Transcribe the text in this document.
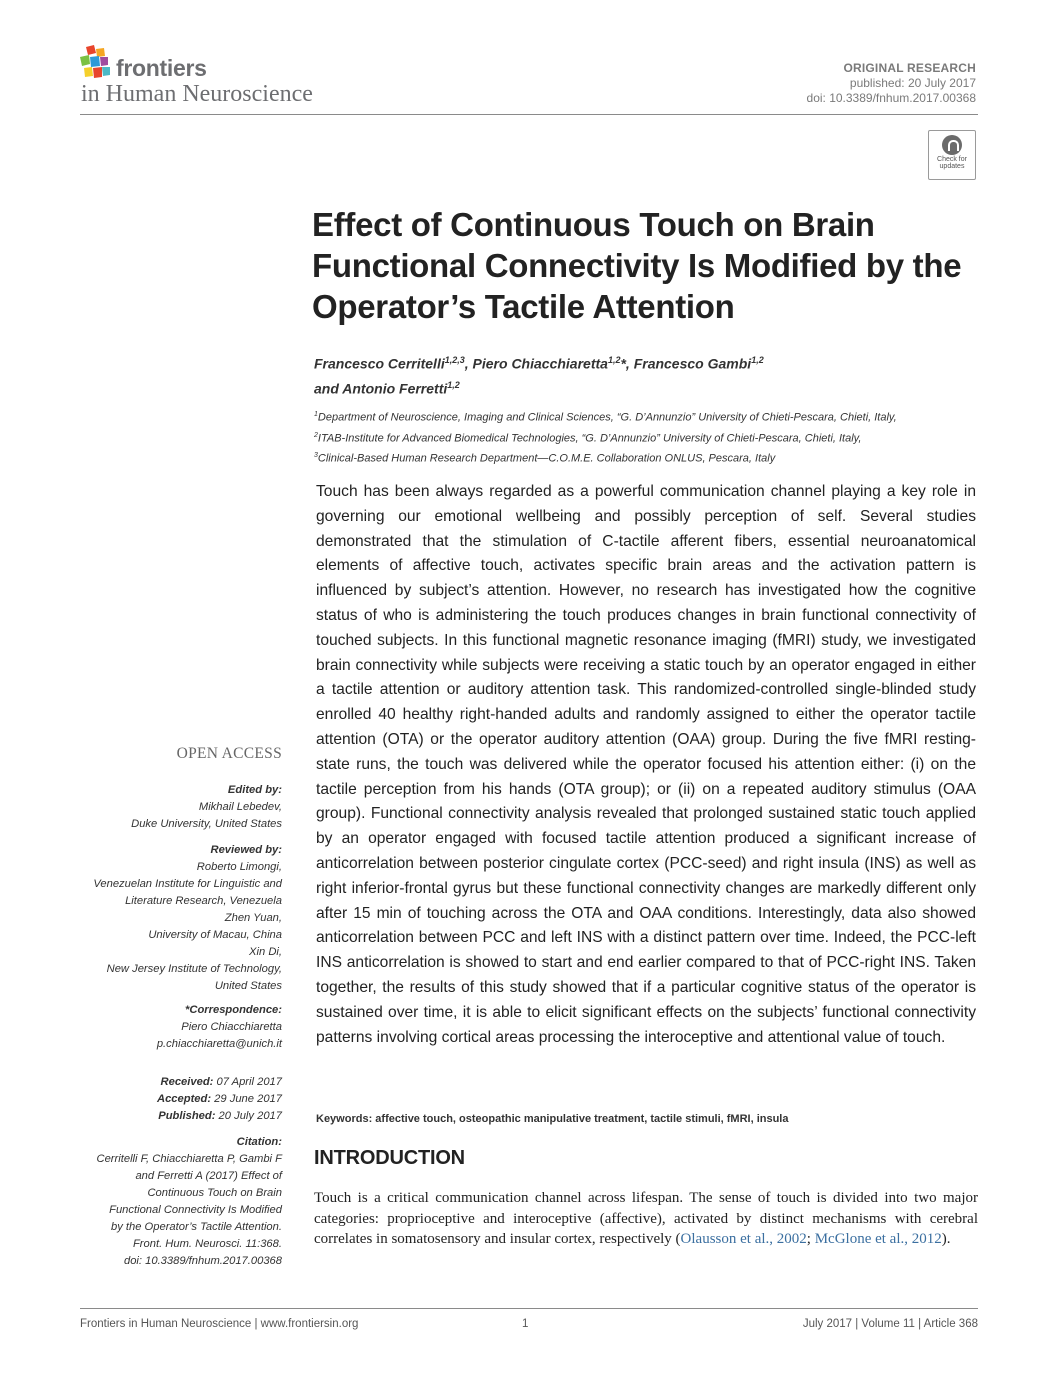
frontiers
in Human Neuroscience
ORIGINAL RESEARCH
published: 20 July 2017
doi: 10.3389/fnhum.2017.00368
Check for
updates
Effect of Continuous Touch on Brain Functional Connectivity Is Modified by the Operator’s Tactile Attention
Francesco Cerritelli$^{1,2,3}$, Piero Chiacchiaretta$^{1,2}$*, Francesco Gambi$^{1,2}$
and Antonio Ferretti$^{1,2}$
$^1$Department of Neuroscience, Imaging and Clinical Sciences, “G. D’Annunzio” University of Chieti-Pescara, Chieti, Italy,
$^2$ITAB-Institute for Advanced Biomedical Technologies, “G. D’Annunzio” University of Chieti-Pescara, Chieti, Italy,
$^3$Clinical-Based Human Research Department—C.O.M.E. Collaboration ONLUS, Pescara, Italy
Touch has been always regarded as a powerful communication channel playing a key role in governing our emotional wellbeing and possibly perception of self. Several studies demonstrated that the stimulation of C-tactile afferent fibers, essential neuroanatomical elements of affective touch, activates specific brain areas and the activation pattern is influenced by subject’s attention. However, no research has investigated how the cognitive status of who is administering the touch produces changes in brain functional connectivity of touched subjects. In this functional magnetic resonance imaging (fMRI) study, we investigated brain connectivity while subjects were receiving a static touch by an operator engaged in either a tactile attention or auditory attention task. This randomized-controlled single-blinded study enrolled 40 healthy right-handed adults and randomly assigned to either the operator tactile attention (OTA) or the operator auditory attention (OAA) group. During the five fMRI resting-state runs, the touch was delivered while the operator focused his attention either: (i) on the tactile perception from his hands (OTA group); or (ii) on a repeated auditory stimulus (OAA group). Functional connectivity analysis revealed that prolonged sustained static touch applied by an operator engaged with focused tactile attention produced a significant increase of anticorrelation between posterior cingulate cortex (PCC-seed) and right insula (INS) as well as right inferior-frontal gyrus but these functional connectivity changes are markedly different only after 15 min of touching across the OTA and OAA conditions. Interestingly, data also showed anticorrelation between PCC and left INS with a distinct pattern over time. Indeed, the PCC-left INS anticorrelation is showed to start and end earlier compared to that of PCC-right INS. Taken together, the results of this study showed that if a particular cognitive status of the operator is sustained over time, it is able to elicit significant effects on the subjects’ functional connectivity patterns involving cortical areas processing the interoceptive and attentional value of touch.
Keywords: affective touch, osteopathic manipulative treatment, tactile stimuli, fMRI, insula
INTRODUCTION
Touch is a critical communication channel across lifespan. The sense of touch is divided into two major categories: proprioceptive and interoceptive (affective), activated by distinct mechanisms with cerebral correlates in somatosensory and insular cortex, respectively (Olausson et al., 2002; McGlone et al., 2012).
OPEN ACCESS
Edited by:
Mikhail Lebedev,
Duke University, United States
Reviewed by:
Roberto Limongi,
Venezuelan Institute for Linguistic and
Literature Research, Venezuela
Zhen Yuan,
University of Macau, China
Xin Di,
New Jersey Institute of Technology,
United States
*Correspondence:
Piero Chiacchiaretta
p.chiacchiaretta@unich.it
Received: 07 April 2017
Accepted: 29 June 2017
Published: 20 July 2017
Citation:
Cerritelli F, Chiacchiaretta P, Gambi F
and Ferretti A (2017) Effect of
Continuous Touch on Brain
Functional Connectivity Is Modified
by the Operator’s Tactile Attention.
Front. Hum. Neurosci. 11:368.
doi: 10.3389/fnhum.2017.00368
Frontiers in Human Neuroscience | www.frontiersin.org	1	July 2017 | Volume 11 | Article 368
